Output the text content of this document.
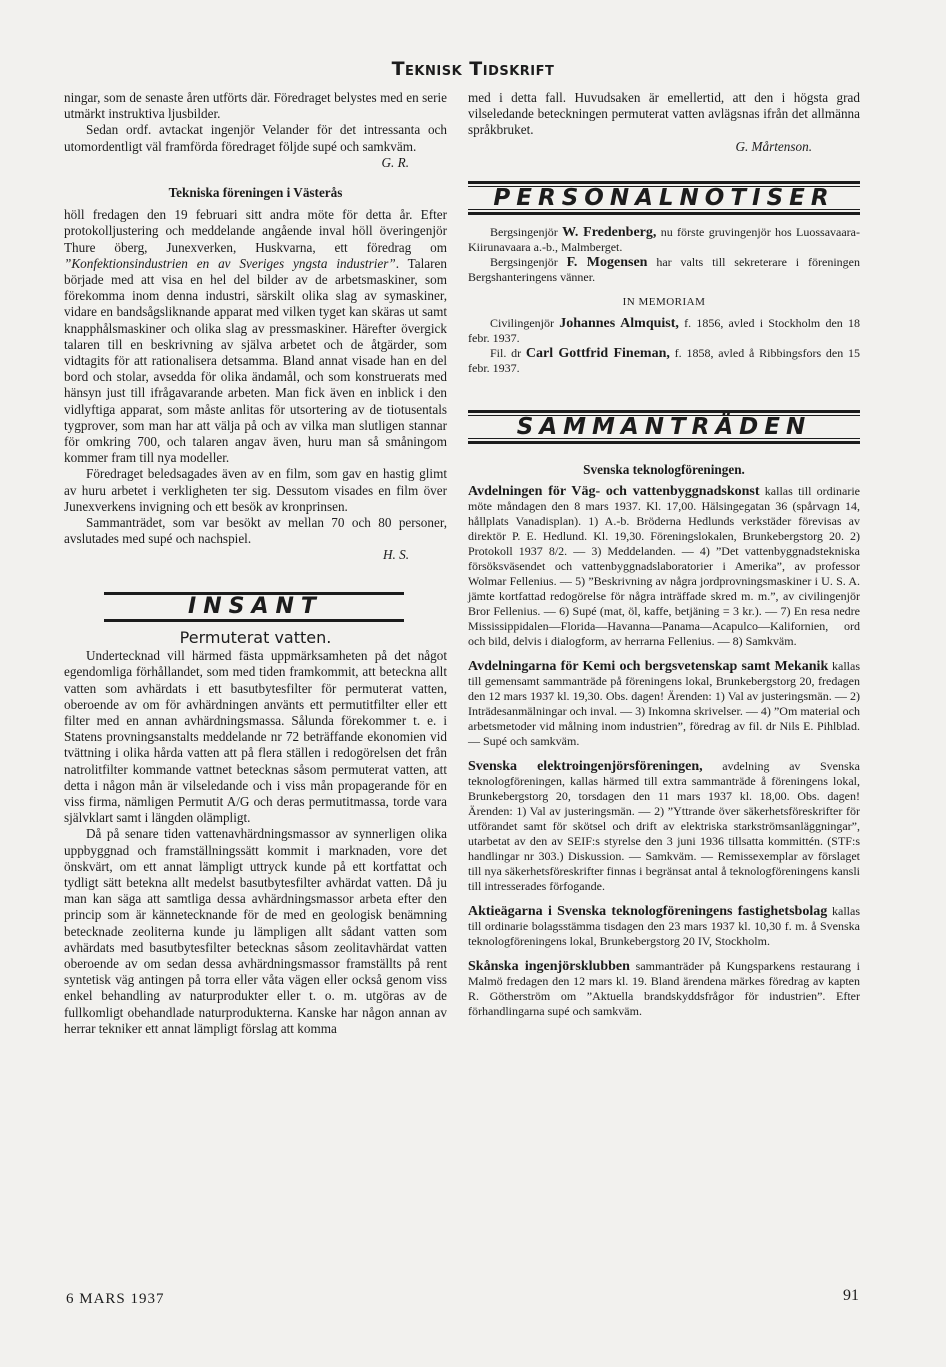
Teknisk Tidskrift

ningar, som de senaste åren utförts där. Föredraget belystes med en serie utmärkt instruktiva ljusbilder.

Sedan ordf. avtackat ingenjör Velander för det intressanta och utomordentligt väl framförda föredraget följde supé och samkväm.

G. R.

Tekniska föreningen i Västerås

höll fredagen den 19 februari sitt andra möte för detta år. Efter protokolljustering och meddelande angående inval höll överingenjör Thure öberg, Junexverken, Huskvarna, ett föredrag om ”Konfektionsindustrien en av Sveriges yngsta industrier”. Talaren började med att visa en hel del bilder av de arbetsmaskiner, som förekomma inom denna industri, särskilt olika slag av symaskiner, vidare en bandsågsliknande apparat med vilken tyget kan skäras ut samt knapphålsmaskiner och olika slag av pressmaskiner. Härefter övergick talaren till en beskrivning av själva arbetet och de åtgärder, som vidtagits för att rationalisera detsamma. Bland annat visade han en del bord och stolar, avsedda för olika ändamål, och som konstruerats med hänsyn just till ifrågavarande arbeten. Man fick även en inblick i den vidlyftiga apparat, som måste anlitas för utsortering av de tiotusentals tygprover, som man har att välja på och av vilka man slutligen stannar för omkring 700, och talaren angav även, huru man så småningom kommer fram till nya modeller.

Föredraget beledsagades även av en film, som gav en hastig glimt av huru arbetet i verkligheten ter sig. Dessutom visades en film över Junexverkens invigning och ett besök av kronprinsen.

Sammanträdet, som var besökt av mellan 70 och 80 personer, avslutades med supé och nachspiel.

H. S.

INSÄNT

Permuterat vatten.

Undertecknad vill härmed fästa uppmärksamheten på det något egendomliga förhållandet, som med tiden framkommit, att beteckna allt vatten som avhärdats i ett basutbytesfilter för permuterat vatten, oberoende av om för avhärdningen använts ett permutitfilter eller ett filter med en annan avhärdningsmassa. Sålunda förekommer t. e. i Statens provningsanstalts meddelande nr 72 beträffande ekonomien vid tvättning i olika hårda vatten att på flera ställen i redogörelsen det från natrolitfilter kommande vattnet betecknas såsom permuterat vatten, att detta i någon mån är vilseledande och i viss mån propagerande för en viss firma, nämligen Permutit A/G och deras permutitmassa, torde vara självklart samt i längden olämpligt.

Då på senare tiden vattenavhärdningsmassor av synnerligen olika uppbyggnad och framställningssätt kommit i marknaden, vore det önskvärt, om ett annat lämpligt uttryck kunde på ett kortfattat och tydligt sätt betekna allt medelst basutbytesfilter avhärdat vatten. Då ju man kan säga att samtliga dessa avhärdningsmassor arbeta efter den princip som är kännetecknande för de med en geologisk benämning betecknade zeoliterna kunde ju lämpligen allt sådant vatten som avhärdats med basutbytesfilter betecknas såsom zeolitavhärdat vatten oberoende av om sedan dessa avhärdningsmassor framställts på rent syntetisk väg antingen på torra eller våta vägen eller också genom viss enkel behandling av naturprodukter eller t. o. m. utgöras av de fullkomligt obehandlade naturprodukterna. Kanske har någon annan av herrar tekniker ett annat lämpligt förslag att komma

med i detta fall. Huvudsaken är emellertid, att den i högsta grad vilseledande beteckningen permuterat vatten avlägsnas ifrån det allmänna språkbruket.

G. Mårtenson.

PERSONALNOTISER

Bergsingenjör W. Fredenberg, nu förste gruvingenjör hos Luossavaara-Kiirunavaara a.-b., Malmberget.

Bergsingenjör F. Mogensen har valts till sekreterare i föreningen Bergshanteringens vänner.

IN MEMORIAM

Civilingenjör Johannes Almquist, f. 1856, avled i Stockholm den 18 febr. 1937.

Fil. dr Carl Gottfrid Fineman, f. 1858, avled å Ribbingsfors den 15 febr. 1937.

SAMMANTRÄDEN

Svenska teknologföreningen.

Avdelningen för Väg- och vattenbyggnadskonst kallas till ordinarie möte måndagen den 8 mars 1937. Kl. 17,00. Hälsingegatan 36 (spårvagn 14, hållplats Vanadisplan). 1) A.-b. Bröderna Hedlunds verkstäder förevisas av direktör P. E. Hedlund. Kl. 19,30. Föreningslokalen, Brunkebergstorg 20. 2) Protokoll 1937 8/2. — 3) Meddelanden. — 4) ”Det vattenbyggnadstekniska försöksväsendet och vattenbyggnadslaboratorier i Amerika”, av professor Wolmar Fellenius. — 5) ”Beskrivning av några jordprovningsmaskiner i U. S. A. jämte kortfattad redogörelse för några inträffade skred m. m.”, av civilingenjör Bror Fellenius. — 6) Supé (mat, öl, kaffe, betjäning = 3 kr.). — 7) En resa nedre Mississippidalen—Florida—Havanna—Panama—Acapulco—Kalifornien, ord och bild, delvis i dialogform, av herrarna Fellenius. — 8) Samkväm.

Avdelningarna för Kemi och bergsvetenskap samt Mekanik kallas till gemensamt sammanträde på föreningens lokal, Brunkebergstorg 20, fredagen den 12 mars 1937 kl. 19,30. Obs. dagen! Ärenden: 1) Val av justeringsmän. — 2) Inträdesanmälningar och inval. — 3) Inkomna skrivelser. — 4) ”Om material och arbetsmetoder vid målning inom industrien”, föredrag av fil. dr Nils E. Pihlblad. — Supé och samkväm.

Svenska elektroingenjörsföreningen, avdelning av Svenska teknologföreningen, kallas härmed till extra sammanträde å föreningens lokal, Brunkebergstorg 20, torsdagen den 11 mars 1937 kl. 18,00. Obs. dagen! Ärenden: 1) Val av justeringsmän. — 2) ”Yttrande över säkerhetsföreskrifter för utförandet samt för skötsel och drift av elektriska starkströmsanläggningar”, utarbetat av den av SEIF:s styrelse den 3 juni 1936 tillsatta kommittén. (STF:s handlingar nr 303.) Diskussion. — Samkväm. — Remissexemplar av förslaget till nya säkerhetsföreskrifter finnas i begränsat antal å teknologföreningens kansli till intresserades förfogande.

Aktieägarna i Svenska teknologföreningens fastighetsbolag kallas till ordinarie bolagsstämma tisdagen den 23 mars 1937 kl. 10,30 f. m. å Svenska teknologföreningens lokal, Brunkebergstorg 20 IV, Stockholm.

Skånska ingenjörsklubben sammanträder på Kungsparkens restaurang i Malmö fredagen den 12 mars kl. 19. Bland ärendena märkes föredrag av kapten R. Götherström om ”Aktuella brandskyddsfrågor för industrien”. Efter förhandlingarna supé och samkväm.

6 MARS 1937	91
